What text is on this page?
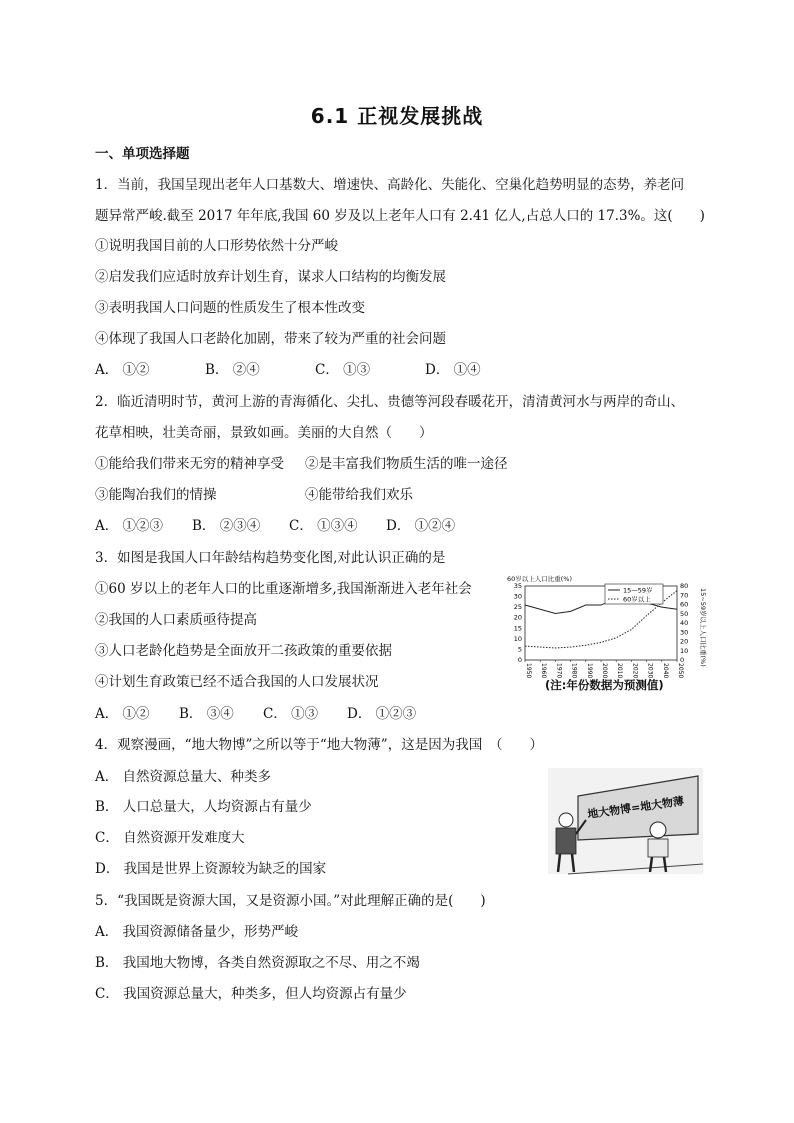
6.1 正视发展挑战
一、单项选择题
1．当前，我国呈现出老年人口基数大、增速快、高龄化、失能化、空巢化趋势明显的态势，养老问
题异常严峻.截至 2017 年年底,我国 60 岁及以上老年人口有 2.41 亿人,占总人口的 17.3%。这(　　)
①说明我国目前的人口形势依然十分严峻
②启发我们应适时放弃计划生育，谋求人口结构的均衡发展
③表明我国人口问题的性质发生了根本性改变
④体现了我国人口老龄化加剧，带来了较为严重的社会问题
A． ①②	B． ②④	C． ①③	D． ①④
2．临近清明时节，黄河上游的青海循化、尖扎、贵德等河段春暖花开，清清黄河水与两岸的奇山、
花草相映，壮美奇丽，景致如画。美丽的大自然（　　）
①能给我们带来无穷的精神享受 ②是丰富我们物质生活的唯一途径
③能陶冶我们的情操	④能带给我们欢乐
A． ①②③ B． ②③④ C． ①③④ D． ①②④
3．如图是我国人口年龄结构趋势变化图,对此认识正确的是
①60 岁以上的老年人口的比重逐渐增多,我国渐渐进入老年社会
②我国的人口素质亟待提高
③人口老龄化趋势是全面放开二孩政策的重要依据
④计划生育政策已经不适合我国的人口发展状况
A． ①② B． ③④ C． ①③ D． ①②③
60岁以上人口比重(%)
15~59岁以上人口比重(%)
0
5
10
15
20
25
30
35
0
10
20
30
40
50
60
70
80
1950 1960 1970 1980 1990 2000 2010 2020 2030 2040 2050
15—59岁
60岁以上
(注:年份数据为预测值)
4．观察漫画，“地大物博”之所以等于“地大物薄”，这是因为我国　（　　）
A． 自然资源总量大、种类多
B． 人口总量大，人均资源占有量少
C． 自然资源开发难度大
D． 我国是世界上资源较为缺乏的国家
地大物博=地大物薄
5．“我国既是资源大国，又是资源小国。”对此理解正确的是(　　)
A． 我国资源储备量少，形势严峻
B． 我国地大物博，各类自然资源取之不尽、用之不竭
C． 我国资源总量大，种类多，但人均资源占有量少
